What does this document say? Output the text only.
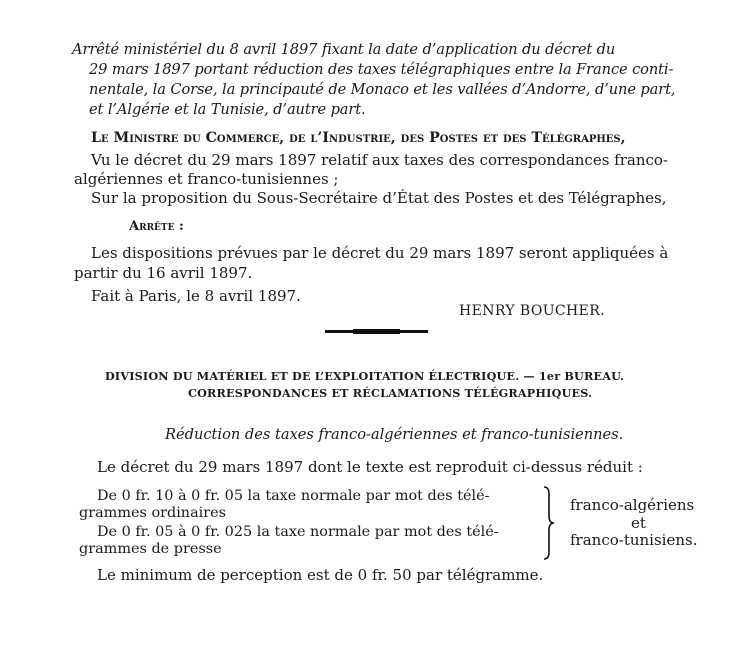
Arrêté ministériel du 8 avril 1897 fixant la date d’application du décret du
29 mars 1897 portant réduction des taxes télégraphiques entre la France conti-
nentale, la Corse, la principauté de Monaco et les vallées d’Andorre, d’une part,
et l’Algérie et la Tunisie, d’autre part.
Le Ministre du Commerce, de l’Industrie, des Postes et des Télégraphes,
Vu le décret du 29 mars 1897 relatif aux taxes des correspondances franco-
algériennes et franco-tunisiennes ;
Sur la proposition du Sous-Secrétaire d’État des Postes et des Télégraphes,
Arrête :
Les dispositions prévues par le décret du 29 mars 1897 seront appliquées à
partir du 16 avril 1897.
Fait à Paris, le 8 avril 1897.
HENRY BOUCHER.
DIVISION DU MATÉRIEL ET DE L’EXPLOITATION ÉLECTRIQUE. — 1er BUREAU.
CORRESPONDANCES ET RÉCLAMATIONS TÉLÉGRAPHIQUES.
Réduction des taxes franco-algériennes et franco-tunisiennes.
Le décret du 29 mars 1897 dont le texte est reproduit ci-dessus réduit :
De 0 fr. 10 à 0 fr. 05 la taxe normale par mot des télé-
grammes ordinaires
De 0 fr. 05 à 0 fr. 025 la taxe normale par mot des télé-
grammes de presse
franco-algériens
et
franco-tunisiens.
Le minimum de perception est de 0 fr. 50 par télégramme.
